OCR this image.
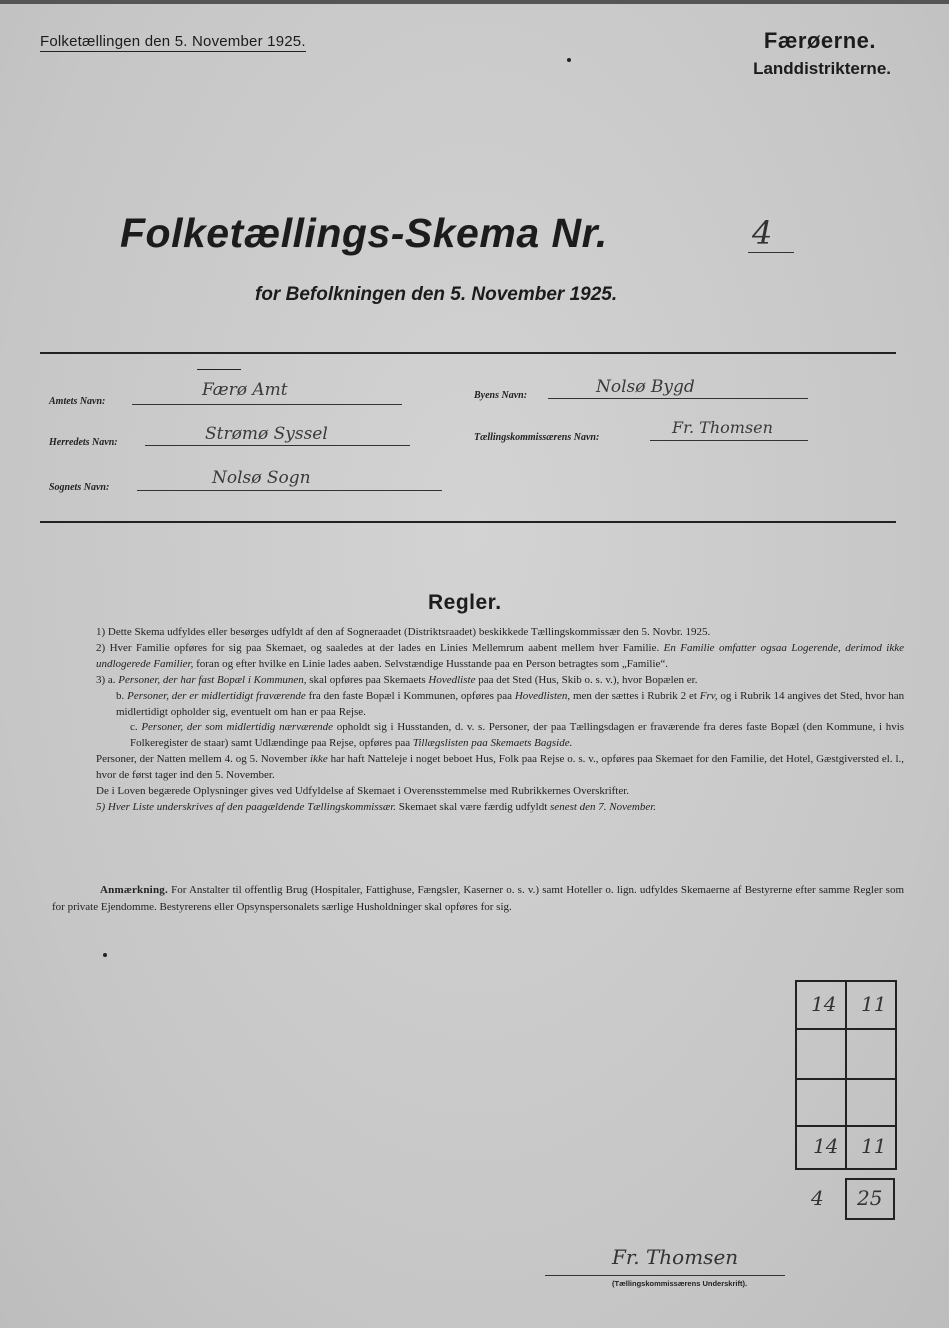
Folketællingen den 5. November 1925.	Færøerne.
Landdistrikterne.
Folketællings-Skema Nr.	4
for Befolkningen den 5. November 1925.
Amtets Navn:
Færø Amt
Herredets Navn:	Strømø Syssel
Sognets Navn:	Nolsø Sogn
Byens Navn:	Nolsø Bygd
Tællingskommissærens Navn:
Fr. Thomsen
Regler.

1) Dette Skema udfyldes eller besørges udfyldt af den af Sogneraadet (Distriktsraadet) beskikkede Tællingskommissær den 5. Novbr. 1925.

2) Hver Familie opføres for sig paa Skemaet, og saaledes at der lades en Linies Mellemrum aabent mellem hver Familie. En Familie omfatter ogsaa Logerende, derimod ikke undlogerede Familier, foran og efter hvilke en Linie lades aaben. Selvstændige Husstande paa en Person betragtes som „Familie“.

3) a. Personer, der har fast Bopæl i Kommunen, skal opføres paa Skemaets Hovedliste paa det Sted (Hus, Skib o. s. v.), hvor Bopælen er.

b. Personer, der er midlertidigt fraværende fra den faste Bopæl i Kommunen, opføres paa Hovedlisten, men der sættes i Rubrik 2 et Frv, og i Rubrik 14 angives det Sted, hvor han midlertidigt opholder sig, eventuelt om han er paa Rejse.

c. Personer, der som midlertidig nærværende opholdt sig i Husstanden, d. v. s. Personer, der paa Tællingsdagen er fraværende fra deres faste Bopæl (den Kommune, i hvis Folkeregister de staar) samt Udlændinge paa Rejse, opføres paa Tillægslisten paa Skemaets Bagside.

Personer, der Natten mellem 4. og 5. November ikke har haft Natteleje i noget beboet Hus, Folk paa Rejse o. s. v., opføres paa Skemaet for den Familie, det Hotel, Gæstgiversted el. l., hvor de først tager ind den 5. November.

De i Loven begærede Oplysninger gives ved Udfyldelse af Skemaet i Overensstemmelse med Rubrikkernes Overskrifter.

5) Hver Liste underskrives af den paagældende Tællingskommissær. Skemaet skal være færdig udfyldt senest den 7. November.

Anmærkning. For Anstalter til offentlig Brug (Hospitaler, Fattighuse, Fængsler, Kaserner o. s. v.) samt Hoteller o. lign. udfyldes Skemaerne af Bestyrerne efter samme Regler som for private Ejendomme. Bestyrerens eller Opsynspersonalets særlige Husholdninger skal opføres for sig.
14 11
14 11
4 25
Fr. Thomsen
(Tællingskommissærens Underskrift).
